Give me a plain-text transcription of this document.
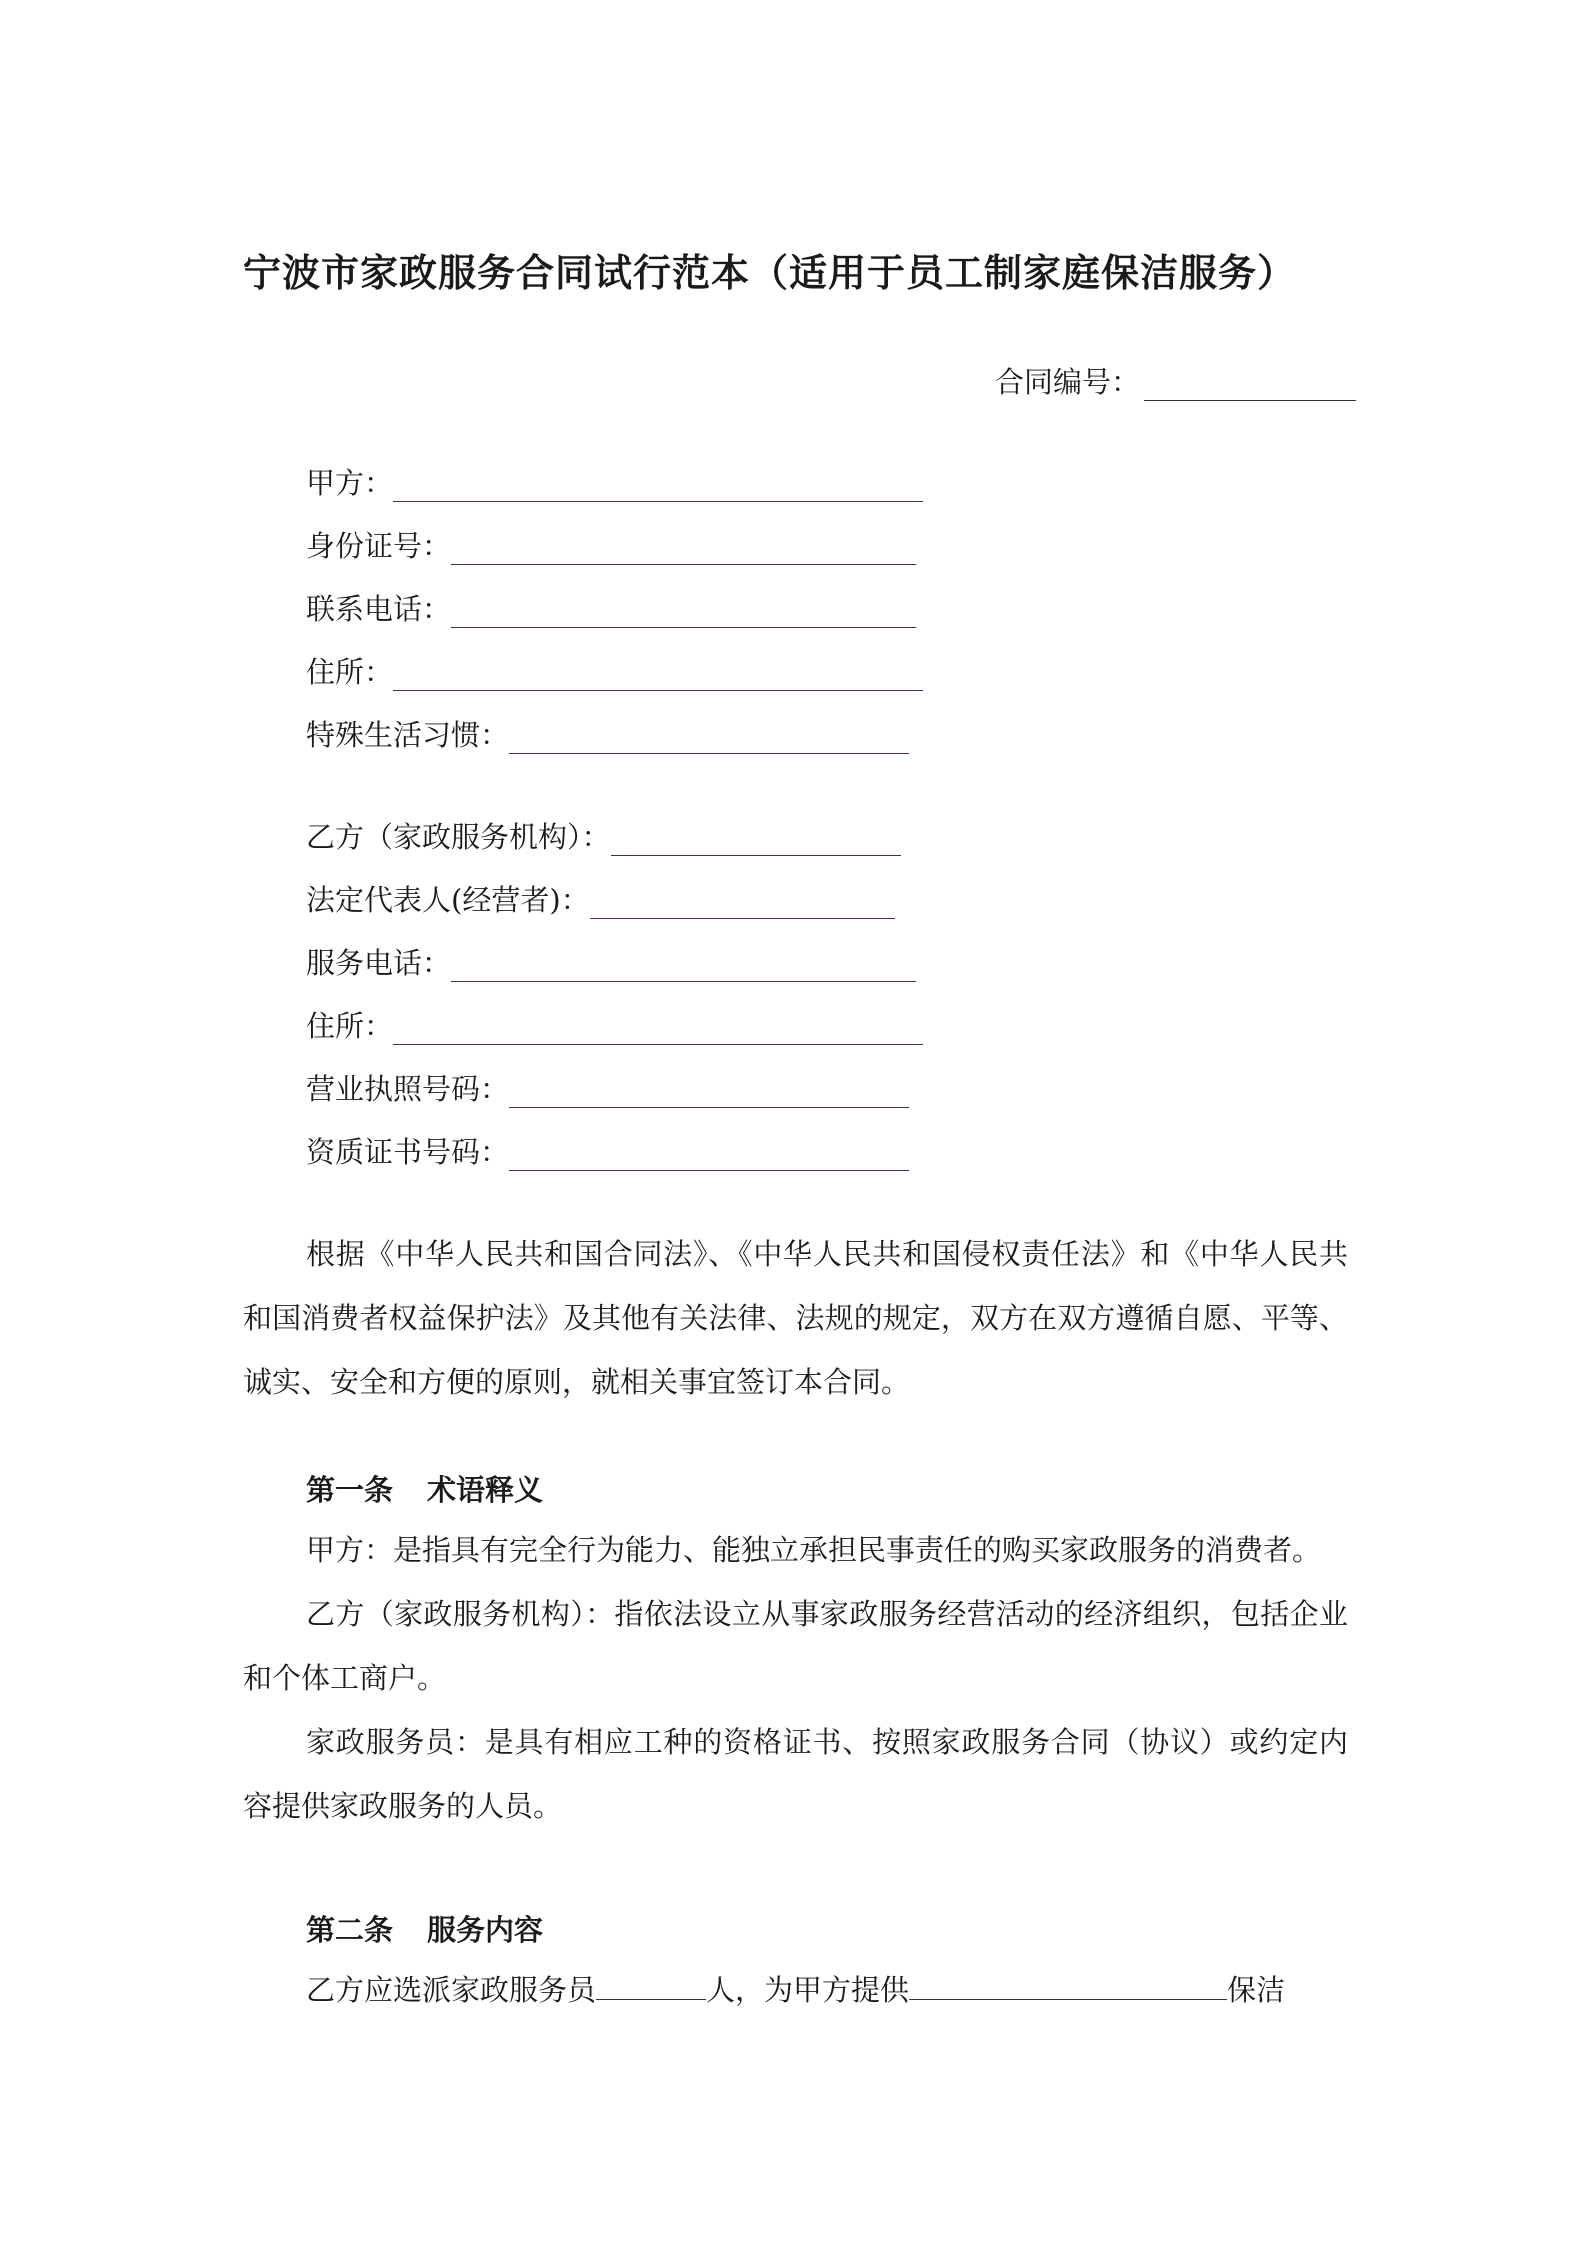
宁波市家政服务合同试行范本（适用于员工制家庭保洁服务）
合同编号：
甲方：
身份证号：
联系电话：
住所：
特殊生活习惯：
乙方（家政服务机构）：
法定代表人(经营者)：
服务电话：
住所：
营业执照号码：
资质证书号码：

根据《中华人民共和国合同法》、《中华人民共和国侵权责任法》和《中华人民共和国消费者权益保护法》及其他有关法律、法规的规定，双方在双方遵循自愿、平等、诚实、安全和方便的原则，就相关事宜签订本合同。

第一条 术语释义

甲方：是指具有完全行为能力、能独立承担民事责任的购买家政服务的消费者。

乙方（家政服务机构）：指依法设立从事家政服务经营活动的经济组织，包括企业和个体工商户。

家政服务员：是具有相应工种的资格证书、按照家政服务合同（协议）或约定内容提供家政服务的人员。

第二条 服务内容

乙方应选派家政服务员	人，为甲方提供	保洁
